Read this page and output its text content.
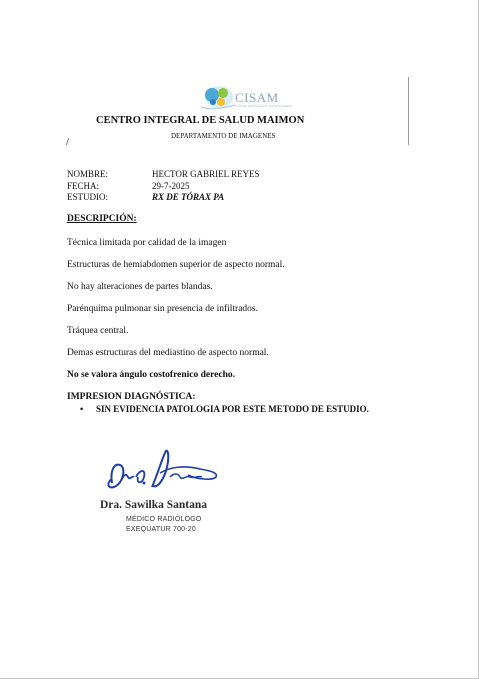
/
CISAM
CENTRO INTEGRAL DE SALUD MAIMON
CENTRO INTEGRAL DE SALUD MAIMON
DEPARTAMENTO DE IMAGENES
NOMBRE:	HECTOR GABRIEL REYES
FECHA:	29-7-2025
ESTUDIO:	RX DE TÓRAX PA
DESCRIPCIÓN:
Técnica limitada por calidad de la imagen
Estructuras de hemiabdomen superior de aspecto normal.
No hay alteraciones de partes blandas.
Parénquima pulmonar sin presencia de infiltrados.
Tráquea central.
Demas estructuras del mediastino de aspecto normal.
No se valora ángulo costofrenico derecho.
IMPRESION DIAGNÓSTICA:
• SIN EVIDENCIA PATOLOGIA POR ESTE METODO DE ESTUDIO.
Dra. Sawilka Santana
MÉDICO RADIÓLOGO
EXEQUATUR 700-20
